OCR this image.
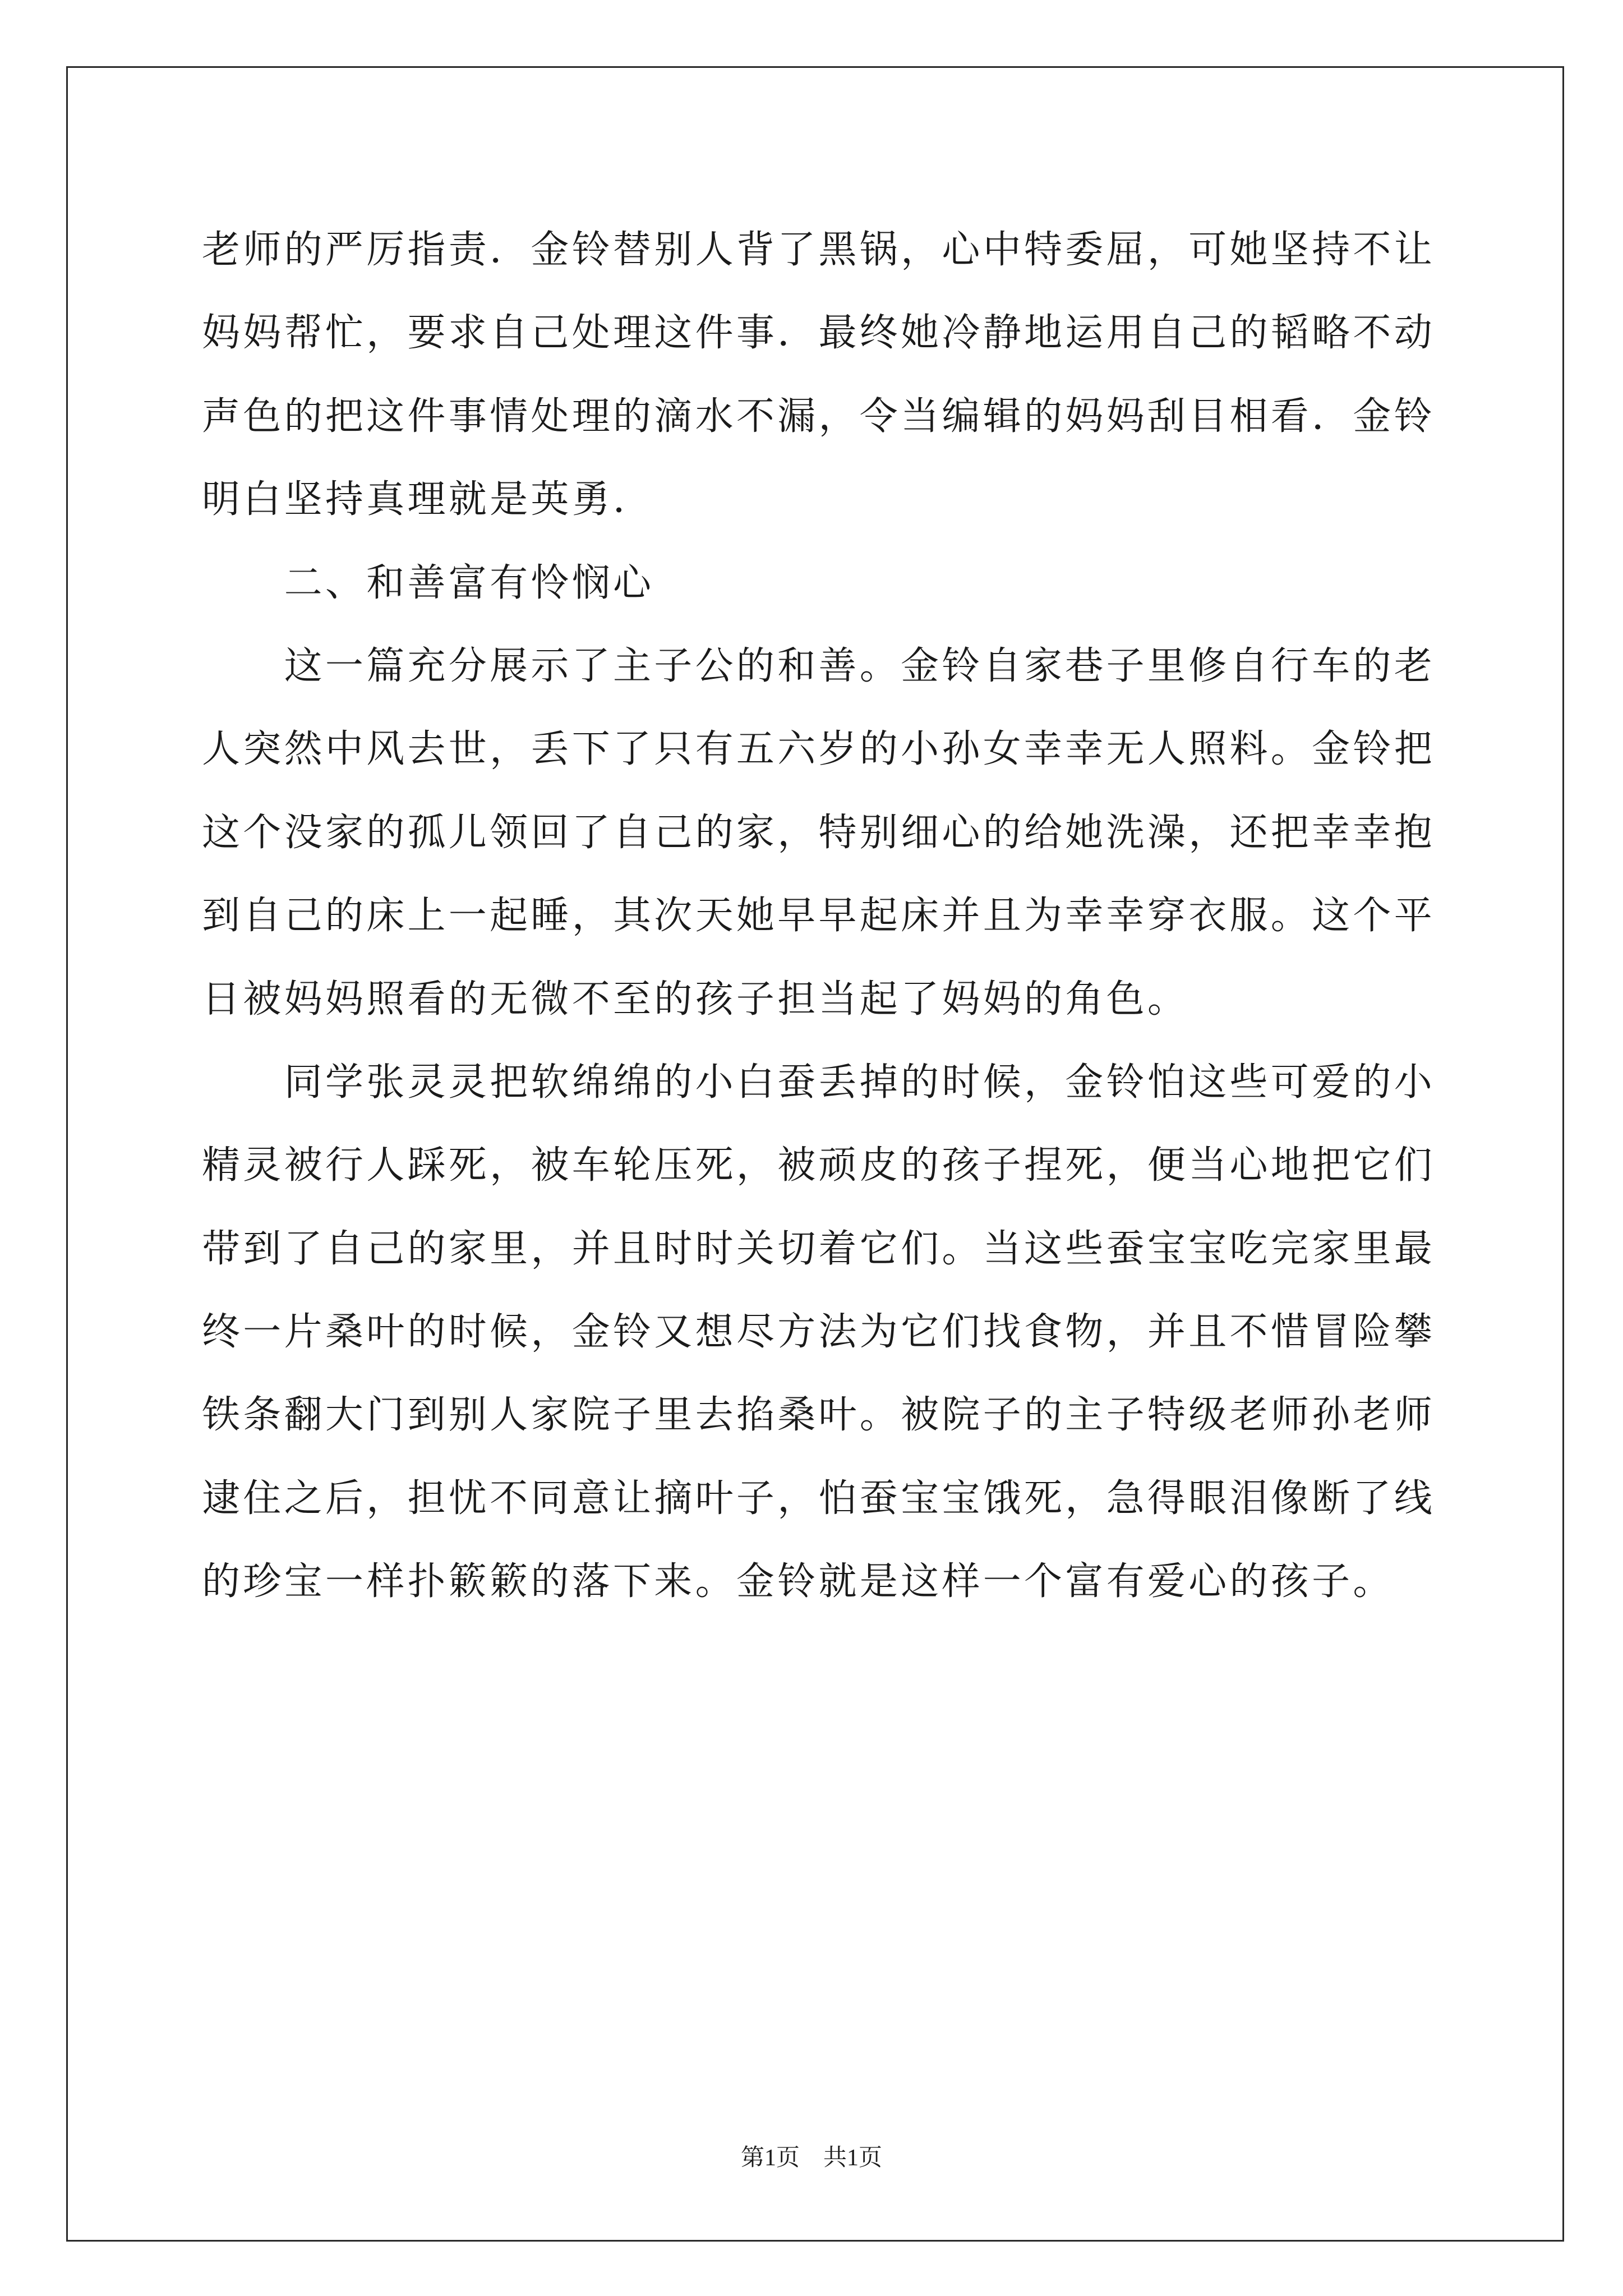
老师的严厉指责．金铃替别人背了黑锅，心中特委屈，可她坚持不让
妈妈帮忙，要求自己处理这件事．最终她冷静地运用自己的韬略不动
声色的把这件事情处理的滴水不漏，令当编辑的妈妈刮目相看．金铃
明白坚持真理就是英勇．
二、和善富有怜悯心
这一篇充分展示了主子公的和善。金铃自家巷子里修自行车的老
人突然中风去世，丢下了只有五六岁的小孙女幸幸无人照料。金铃把
这个没家的孤儿领回了自己的家，特别细心的给她洗澡，还把幸幸抱
到自己的床上一起睡，其次天她早早起床并且为幸幸穿衣服。这个平
日被妈妈照看的无微不至的孩子担当起了妈妈的角色。
同学张灵灵把软绵绵的小白蚕丢掉的时候，金铃怕这些可爱的小
精灵被行人踩死，被车轮压死，被顽皮的孩子捏死，便当心地把它们
带到了自己的家里，并且时时关切着它们。当这些蚕宝宝吃完家里最
终一片桑叶的时候，金铃又想尽方法为它们找食物，并且不惜冒险攀
铁条翻大门到别人家院子里去掐桑叶。被院子的主子特级老师孙老师
逮住之后，担忧不同意让摘叶子，怕蚕宝宝饿死，急得眼泪像断了线
的珍宝一样扑簌簌的落下来。金铃就是这样一个富有爱心的孩子。
第1页　共1页
